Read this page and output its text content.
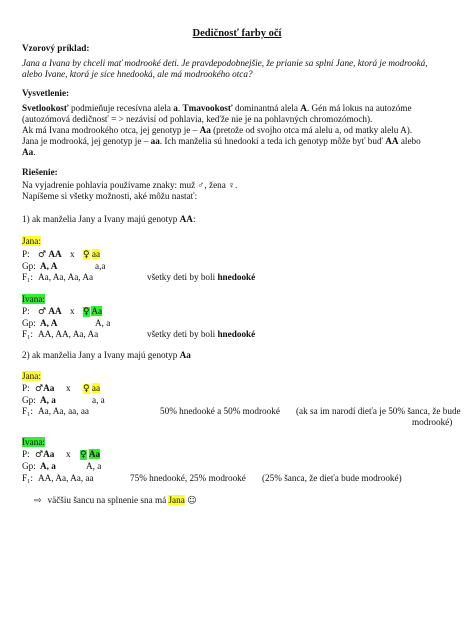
Dedičnosť farby očí
Vzorový príklad:
Jana a Ivana by chceli mať modrooké deti. Je pravdepodobnejšie, že prianie sa splní Jane, ktorá je modrooká,
alebo Ivane, ktorá je síce hnedooká, ale má modrookého otca?
Vysvetlenie:
Svetlookosť podmieňuje recesívna alela a. Tmavookosť dominantná alela A. Gén má lokus na autozóme
(autozómová dedičnosť = > nezávisí od pohlavia, keďže nie je na pohlavných chromozómoch).
Ak má Ivana modrookého otca, jej genotyp je – Aa (pretože od svojho otca má alelu a, od matky alelu A).
Jana je modrooká, jej genotyp je – aa. Ich manželia sú hnedookí a teda ich genotyp môže byť buď AA alebo
Aa.
Riešenie:
Na vyjadrenie pohlavia používame znaky: muž ♂, žena ♀.
Napíšeme si všetky možnosti, aké môžu nastať:
1) ak manželia Jany a Ivany majú genotyp AA:
Jana:
P: ♂ AA x ♀ aa
Gp: A, A	a,a
F₁: Aa, Aa, Aa, Aa	všetky deti by boli hnedooké
Ivana:
P: ♂ AA x ♀ Aa
Gp: A, A	A, a
F₁: AA, AA, Aa, Aa	všetky deti by boli hnedooké
2) ak manželia Jany a Ivany majú genotyp Aa
Jana:
P: ♂Aa x ♀ aa
Gp: A, a	a, a
F₁: Aa, Aa, aa, aa	50% hnedooké a 50% modrooké (ak sa im narodí dieťa je 50% šanca, že bude
modrooké)
Ivana:
P: ♂Aa x ♀ Aa
Gp: A, a	A, a
F₁: AA, Aa, Aa, aa	75% hnedooké, 25% modrooké (25% šanca, že dieťa bude modrooké)
⇨ väčšiu šancu na splnenie sna má Jana ☺
